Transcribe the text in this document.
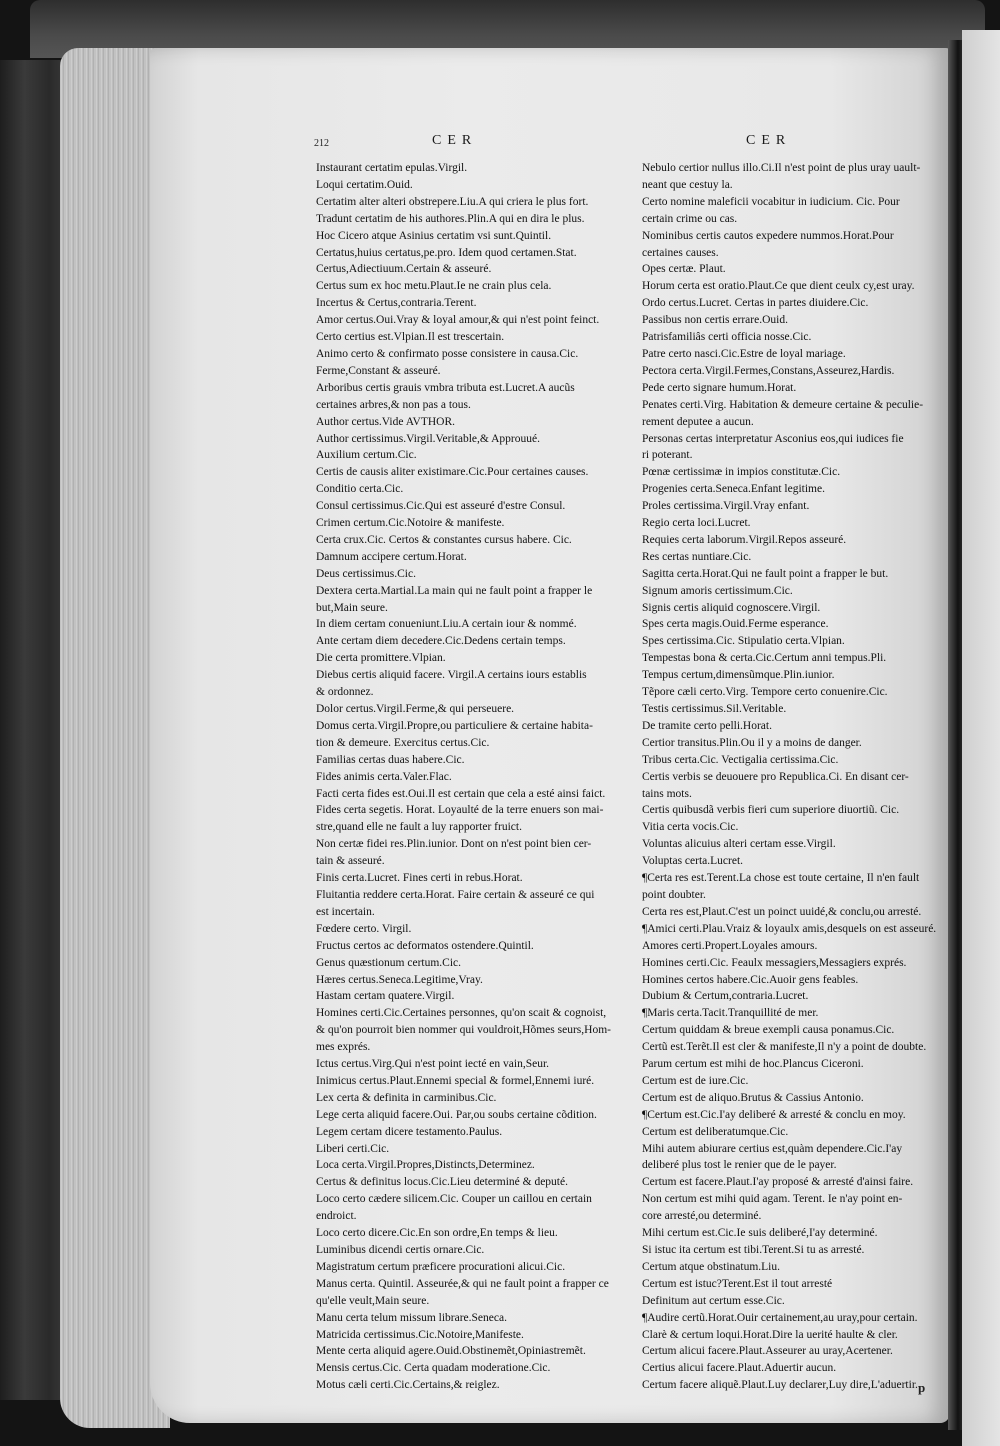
212	CER	CER
Instaurant certatim epulas.Virgil.
Loqui certatim.Ouid.
Certatim alter alteri obstrepere.Liu.A qui criera le plus fort.
Tradunt certatim de his authores.Plin.A qui en dira le plus.
Hoc Cicero atque Asinius certatim vsi sunt.Quintil.
Certatus,huius certatus,pe.pro. Idem quod certamen.Stat.
Certus,Adiectiuum.Certain & asseuré.
Certus sum ex hoc metu.Plaut.Ie ne crain plus cela.
Incertus & Certus,contraria.Terent.
Amor certus.Oui.Vray & loyal amour,& qui n'est point feinct.
Certo certius est.Vlpian.Il est trescertain.
Animo certo & confirmato posse consistere in causa.Cic.
Ferme,Constant & asseuré.
Arboribus certis grauis vmbra tributa est.Lucret.A aucũs
certaines arbres,& non pas a tous.
Author certus.Vide AVTHOR.
Author certissimus.Virgil.Veritable,& Approuué.
Auxilium certum.Cic.
Certis de causis aliter existimare.Cic.Pour certaines causes.
Conditio certa.Cic.
Consul certissimus.Cic.Qui est asseuré d'estre Consul.
Crimen certum.Cic.Notoire & manifeste.
Certa crux.Cic. Certos & constantes cursus habere. Cic.
Damnum accipere certum.Horat.
Deus certissimus.Cic.
Dextera certa.Martial.La main qui ne fault point a frapper le
but,Main seure.
In diem certam conueniunt.Liu.A certain iour & nommé.
Ante certam diem decedere.Cic.Dedens certain temps.
Die certa promittere.Vlpian.
Diebus certis aliquid facere. Virgil.A certains iours establis
& ordonnez.
Dolor certus.Virgil.Ferme,& qui perseuere.
Domus certa.Virgil.Propre,ou particuliere & certaine habita-
tion & demeure. Exercitus certus.Cic.
Familias certas duas habere.Cic.
Fides animis certa.Valer.Flac.
Facti certa fides est.Oui.Il est certain que cela a esté ainsi faict.
Fides certa segetis. Horat. Loyaulté de la terre enuers son mai-
stre,quand elle ne fault a luy rapporter fruict.
Non certæ fidei res.Plin.iunior. Dont on n'est point bien cer-
tain & asseuré.
Finis certa.Lucret. Fines certi in rebus.Horat.
Fluitantia reddere certa.Horat. Faire certain & asseuré ce qui
est incertain.
Fœdere certo. Virgil.
Fructus certos ac deformatos ostendere.Quintil.
Genus quæstionum certum.Cic.
Hæres certus.Seneca.Legitime,Vray.
Hastam certam quatere.Virgil.
Homines certi.Cic.Certaines personnes, qu'on scait & cognoist,
& qu'on pourroit bien nommer qui vouldroit,Hõmes seurs,Hom-
mes exprés.
Ictus certus.Virg.Qui n'est point iecté en vain,Seur.
Inimicus certus.Plaut.Ennemi special & formel,Ennemi iuré.
Lex certa & definita in carminibus.Cic.
Lege certa aliquid facere.Oui. Par,ou soubs certaine cõdition.
Legem certam dicere testamento.Paulus.
Liberi certi.Cic.
Loca certa.Virgil.Propres,Distincts,Determinez.
Certus & definitus locus.Cic.Lieu determiné & deputé.
Loco certo cædere silicem.Cic. Couper un caillou en certain
endroict.
Loco certo dicere.Cic.En son ordre,En temps & lieu.
Luminibus dicendi certis ornare.Cic.
Magistratum certum præficere procurationi alicui.Cic.
Manus certa. Quintil. Asseurée,& qui ne fault point a frapper ce
qu'elle veult,Main seure.
Manu certa telum missum librare.Seneca.
Matricida certissimus.Cic.Notoire,Manifeste.
Mente certa aliquid agere.Ouid.Obstinemẽt,Opiniastremẽt.
Mensis certus.Cic. Certa quadam moderatione.Cic.
Motus cæli certi.Cic.Certains,& reiglez.
Nebulo certior nullus illo.Ci.Il n'est point de plus uray uault-
neant que cestuy la.
Certo nomine maleficii vocabitur in iudicium. Cic. Pour
certain crime ou cas.
Nominibus certis cautos expedere nummos.Horat.Pour
certaines causes.
Opes certæ. Plaut.
Horum certa est oratio.Plaut.Ce que dient ceulx cy,est uray.
Ordo certus.Lucret. Certas in partes diuidere.Cic.
Passibus non certis errare.Ouid.
Patrisfamiliâs certi officia nosse.Cic.
Patre certo nasci.Cic.Estre de loyal mariage.
Pectora certa.Virgil.Fermes,Constans,Asseurez,Hardis.
Pede certo signare humum.Horat.
Penates certi.Virg. Habitation & demeure certaine & peculie-
rement deputee a aucun.
Personas certas interpretatur Asconius eos,qui iudices fie
ri poterant.
Pœnæ certissimæ in impios constitutæ.Cic.
Progenies certa.Seneca.Enfant legitime.
Proles certissima.Virgil.Vray enfant.
Regio certa loci.Lucret.
Requies certa laborum.Virgil.Repos asseuré.
Res certas nuntiare.Cic.
Sagitta certa.Horat.Qui ne fault point a frapper le but.
Signum amoris certissimum.Cic.
Signis certis aliquid cognoscere.Virgil.
Spes certa magis.Ouid.Ferme esperance.
Spes certissima.Cic. Stipulatio certa.Vlpian.
Tempestas bona & certa.Cic.Certum anni tempus.Pli.
Tempus certum,dimensũmque.Plin.iunior.
Tẽpore cæli certo.Virg. Tempore certo conuenire.Cic.
Testis certissimus.Sil.Veritable.
De tramite certo pelli.Horat.
Certior transitus.Plin.Ou il y a moins de danger.
Tribus certa.Cic. Vectigalia certissima.Cic.
Certis verbis se deuouere pro Republica.Ci. En disant cer-
tains mots.
Certis quibusdã verbis fieri cum superiore diuortiũ. Cic.
Vitia certa vocis.Cic.
Voluntas alicuius alteri certam esse.Virgil.
Voluptas certa.Lucret.
¶Certa res est.Terent.La chose est toute certaine, Il n'en fault
point doubter.
Certa res est,Plaut.C'est un poinct uuidé,& conclu,ou arresté.
¶Amici certi.Plau.Vraiz & loyaulx amis,desquels on est asseuré.
Amores certi.Propert.Loyales amours.
Homines certi.Cic. Feaulx messagiers,Messagiers exprés.
Homines certos habere.Cic.Auoir gens feables.
Dubium & Certum,contraria.Lucret.
¶Maris certa.Tacit.Tranquillité de mer.
Certum quiddam & breue exempli causa ponamus.Cic.
Certũ est.Terẽt.Il est cler & manifeste,Il n'y a point de doubte.
Parum certum est mihi de hoc.Plancus Ciceroni.
Certum est de iure.Cic.
Certum est de aliquo.Brutus & Cassius Antonio.
¶Certum est.Cic.I'ay deliberé & arresté & conclu en moy.
Certum est deliberatumque.Cic.
Mihi autem abiurare certius est,quàm dependere.Cic.I'ay
deliberé plus tost le renier que de le payer.
Certum est facere.Plaut.I'ay proposé & arresté d'ainsi faire.
Non certum est mihi quid agam. Terent. Ie n'ay point en-
core arresté,ou determiné.
Mihi certum est.Cic.Ie suis deliberé,I'ay determiné.
Si istuc ita certum est tibi.Terent.Si tu as arresté.
Certum atque obstinatum.Liu.
Certum est istuc?Terent.Est il tout arresté
Definitum aut certum esse.Cic.
¶Audire certũ.Horat.Ouir certainement,au uray,pour certain.
Clarè & certum loqui.Horat.Dire la uerité haulte & cler.
Certum alicui facere.Plaut.Asseurer au uray,Acertener.
Certius alicui facere.Plaut.Aduertir aucun.
Certum facere aliquẽ.Plaut.Luy declarer,Luy dire,L'aduertir. p
